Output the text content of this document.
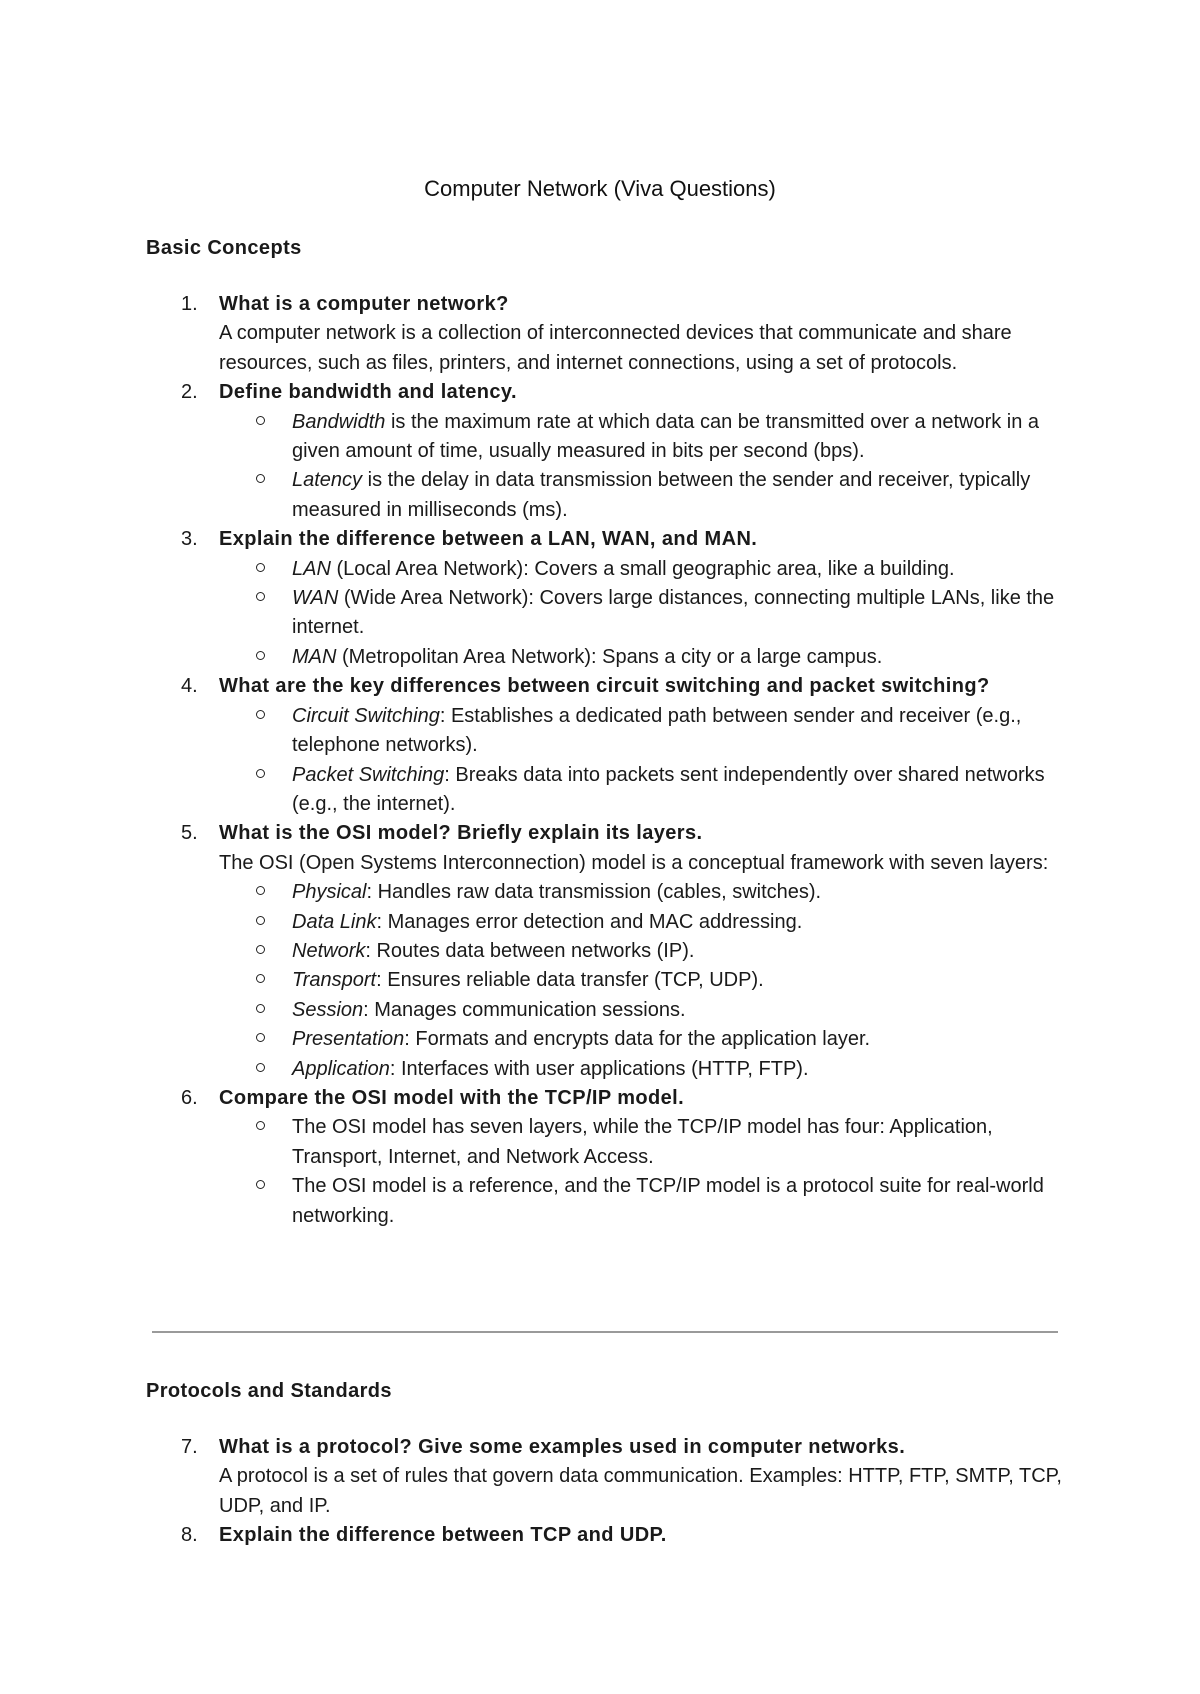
Computer Network (Viva Questions)
Basic Concepts
1. What is a computer network?
A computer network is a collection of interconnected devices that communicate and share resources, such as files, printers, and internet connections, using a set of protocols.
2. Define bandwidth and latency.
Bandwidth is the maximum rate at which data can be transmitted over a network in a given amount of time, usually measured in bits per second (bps).
Latency is the delay in data transmission between the sender and receiver, typically measured in milliseconds (ms).
3. Explain the difference between a LAN, WAN, and MAN.
LAN (Local Area Network): Covers a small geographic area, like a building.
WAN (Wide Area Network): Covers large distances, connecting multiple LANs, like the internet.
MAN (Metropolitan Area Network): Spans a city or a large campus.
4. What are the key differences between circuit switching and packet switching?
Circuit Switching: Establishes a dedicated path between sender and receiver (e.g., telephone networks).
Packet Switching: Breaks data into packets sent independently over shared networks (e.g., the internet).
5. What is the OSI model? Briefly explain its layers.
The OSI (Open Systems Interconnection) model is a conceptual framework with seven layers:
Physical: Handles raw data transmission (cables, switches).
Data Link: Manages error detection and MAC addressing.
Network: Routes data between networks (IP).
Transport: Ensures reliable data transfer (TCP, UDP).
Session: Manages communication sessions.
Presentation: Formats and encrypts data for the application layer.
Application: Interfaces with user applications (HTTP, FTP).
6. Compare the OSI model with the TCP/IP model.
The OSI model has seven layers, while the TCP/IP model has four: Application, Transport, Internet, and Network Access.
The OSI model is a reference, and the TCP/IP model is a protocol suite for real-world networking.
Protocols and Standards
7. What is a protocol? Give some examples used in computer networks.
A protocol is a set of rules that govern data communication. Examples: HTTP, FTP, SMTP, TCP, UDP, and IP.
8. Explain the difference between TCP and UDP.
